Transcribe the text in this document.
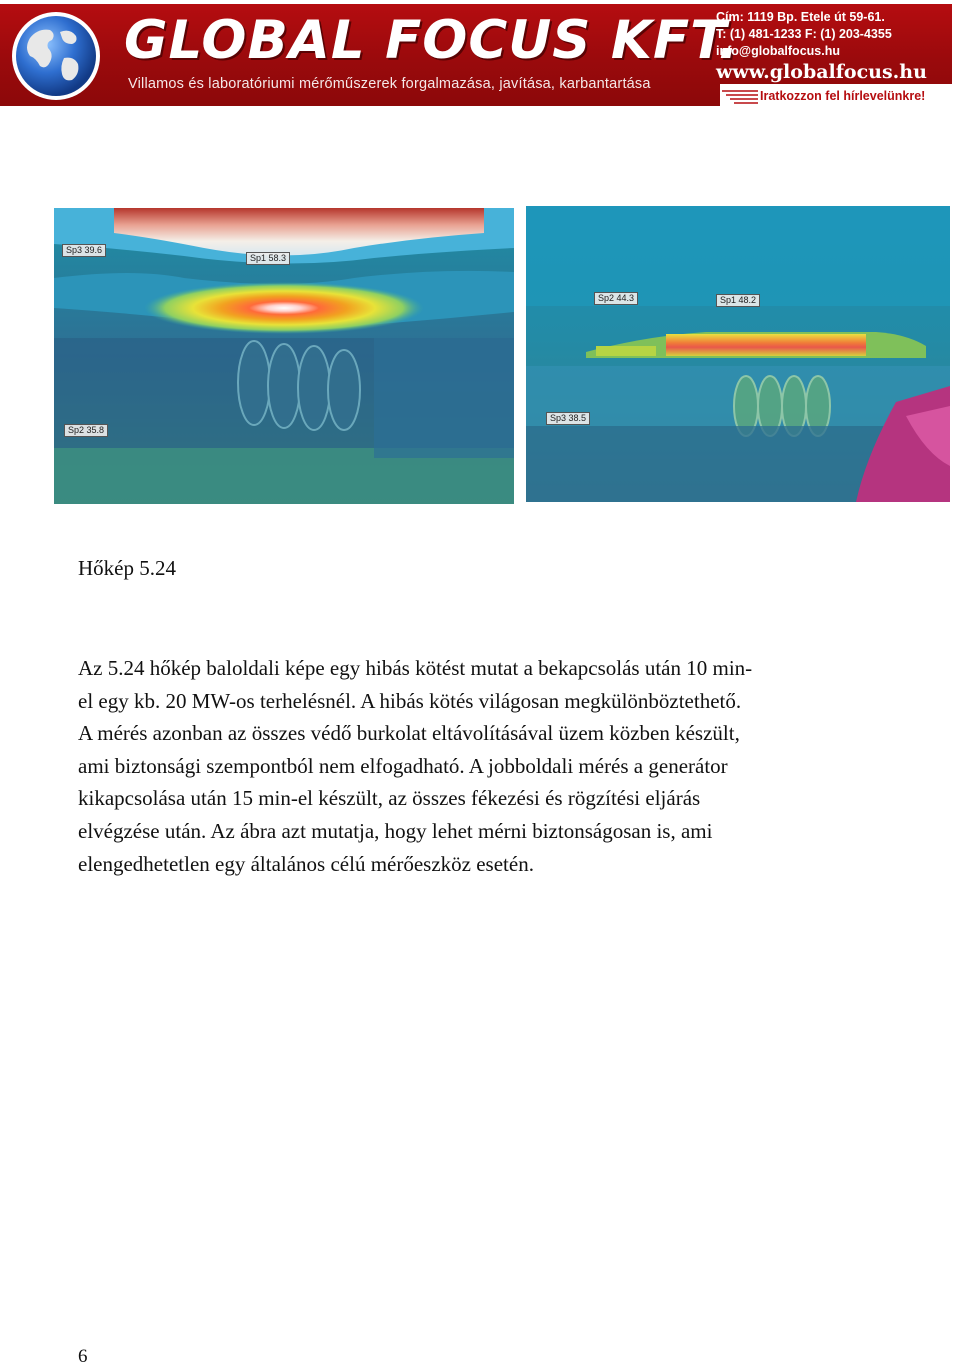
GLOBAL FOCUS KFT.
Villamos és laboratóriumi mérőműszerek forgalmazása, javítása, karbantartása
Cím: 1119 Bp. Etele út 59-61.
T: (1) 481-1233 F: (1) 203-4355
info@globalfocus.hu
www.globalfocus.hu
Iratkozzon fel hírlevelünkre!
Sp3 39.6
Sp1 58.3
Sp2 35.8
Sp2 44.3	Sp1 48.2
Sp3 38.5
Hőkép 5.24
Az 5.24 hőkép baloldali képe egy hibás kötést mutat a bekapcsolás után 10 min-
el egy kb. 20 MW-os terhelésnél. A hibás kötés világosan megkülönböztethető.
A mérés azonban az összes védő burkolat eltávolításával üzem közben készült,
ami biztonsági szempontból nem elfogadható. A jobboldali mérés a generátor
kikapcsolása után 15 min-el készült, az összes fékezési és rögzítési eljárás
elvégzése után. Az ábra azt mutatja, hogy lehet mérni biztonságosan is, ami
elengedhetetlen egy általános célú mérőeszköz esetén.
6
